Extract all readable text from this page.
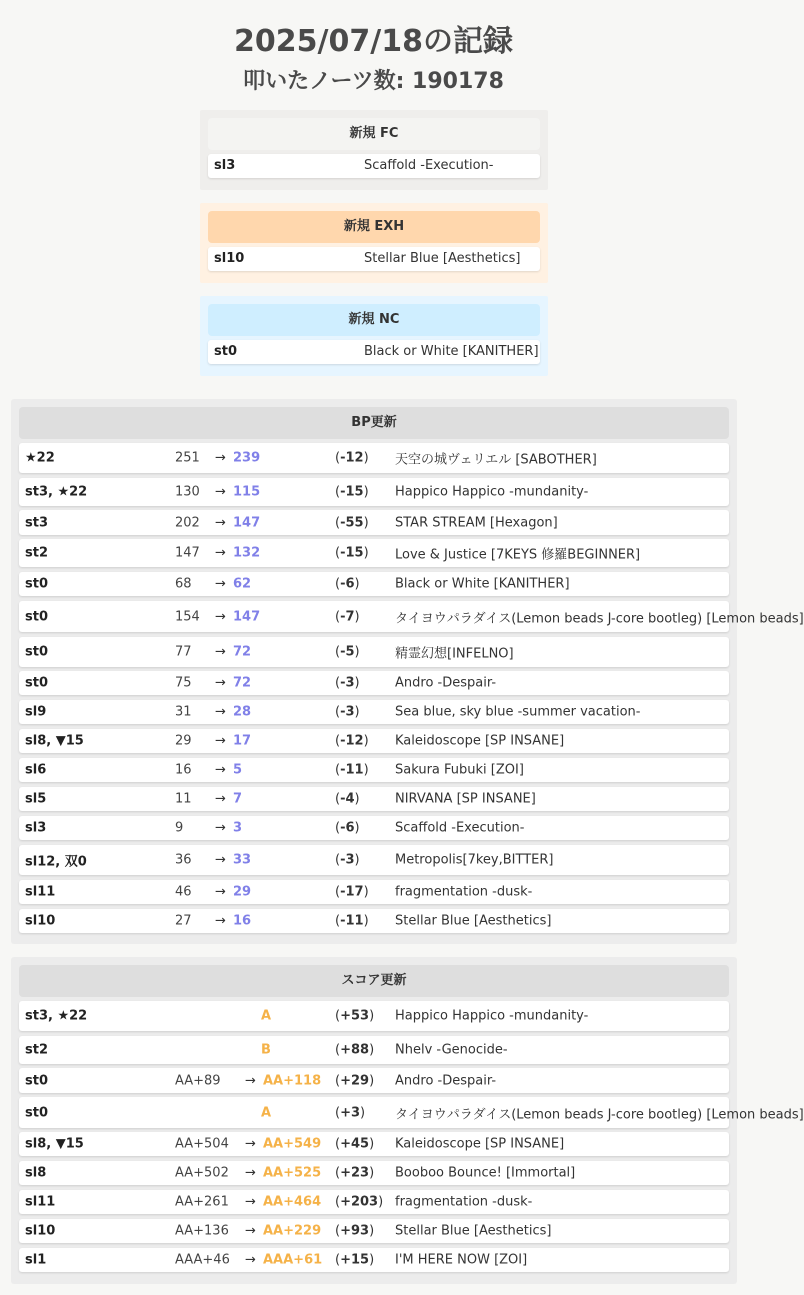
2025/07/18の記録
叩いたノーツ数: 190178
新規 FC
sl3	Scaffold -Execution-
新規 EXH
sl10	Stellar Blue [Aesthetics]
新規 NC
st0	Black or White [KANITHER]
BP更新
★22	251 → 239	(-12) 天空の城ヴェリエル [SABOTHER]
st3, ★22	130 → 115	(-15) Happico Happico -mundanity-
st3	202 → 147	(-55) STAR STREAM [Hexagon]
st2	147 → 132	(-15) Love & Justice [7KEYS 修羅BEGINNER]
st0	68 → 62	(-6)	Black or White [KANITHER]
st0	154 → 147	(-7)	タイヨウパラダイス(Lemon beads J-core bootleg) [Lemon beads]
st0	77 → 72	(-5)	精霊幻想[INFELNO]
st0	75 → 72	(-3)	Andro -Despair-
sl9	31 → 28	(-3)	Sea blue, sky blue -summer vacation-
sl8, ▼15	29 → 17	(-12) Kaleidoscope [SP INSANE]
sl6	16 → 5	(-11) Sakura Fubuki [ZOI]
sl5	11 → 7	(-4)	NIRVANA [SP INSANE]
sl3	9 → 3	(-6)	Scaffold -Execution-
sl12, 双0	36 → 33	(-3)	Metropolis[7key,BITTER]
sl11	46 → 29	(-17) fragmentation -dusk-
sl10	27 → 16	(-11) Stellar Blue [Aesthetics]
スコア更新
st3, ★22	A	(+53) Happico Happico -mundanity-
st2	B	(+88) Nhelv -Genocide-
st0	AA+89 → AA+118 (+29) Andro -Despair-
st0	A	(+3) タイヨウパラダイス(Lemon beads J-core bootleg) [Lemon beads]
sl8, ▼15	AA+504 → AA+549 (+45) Kaleidoscope [SP INSANE]
sl8	AA+502 → AA+525 (+23) Booboo Bounce! [Immortal]
sl11	AA+261 → AA+464 (+203) fragmentation -dusk-
sl10	AA+136 → AA+229 (+93) Stellar Blue [Aesthetics]
sl1	AAA+46 → AAA+61 (+15) I'M HERE NOW [ZOI]
